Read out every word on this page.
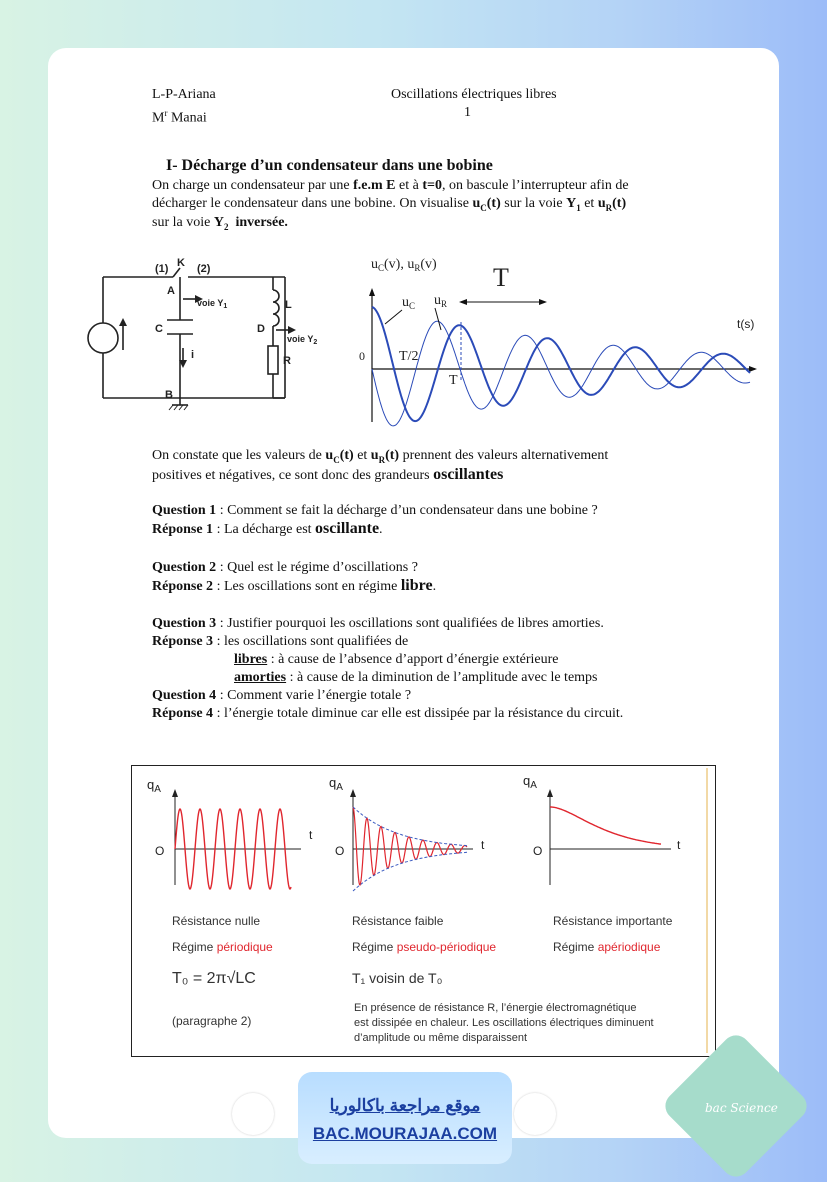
L-P-Ariana
$M^r$ Manai
Oscillations électriques libres
1
I- Décharge d’un condensateur dans une bobine
On charge un condensateur par une f.e.m E et à t=0, on bascule l’interrupteur afin de
décharger le condensateur dans une bobine. On visualise $u_C(t)$ sur la voie $Y_1$ et $u_R(t)$
sur la voie $Y_2$ inversée.
(1) K (2)
A
voie $Y_1$	L
C	D
voie $Y_2$
i	R
B
$u_C(v)$, $u_R(v)$ T
$u_C$ $u_R$
t(s)
0 T/2
T
On constate que les valeurs de $u_C(t)$ et $u_R(t)$ prennent des valeurs alternativement
positives et négatives, ce sont donc des grandeurs oscillantes
Question 1 : Comment se fait la décharge d’un condensateur dans une bobine ?
Réponse 1 : La décharge est oscillante.
Question 2 : Quel est le régime d’oscillations ?
Réponse 2 : Les oscillations sont en régime libre.
Question 3 : Justifier pourquoi les oscillations sont qualifiées de libres amorties.
Réponse 3 : les oscillations sont qualifiées de
libres : à cause de l’absence d’apport d’énergie extérieure
amorties : à cause de la diminution de l’amplitude avec le temps
Question 4 : Comment varie l’énergie totale ?
Réponse 4 : l’énergie totale diminue car elle est dissipée par la résistance du circuit.
$q_A$	$q_A$	$q_A$
O	O	O
t
t	t
Résistance nulle
Régime périodique
T₀ = 2π√LC
(paragraphe 2)
Résistance faible
Régime pseudo-périodique
T₁ voisin de T₀
En présence de résistance R, l’énergie électromagnétique
est dissipée en chaleur. Les oscillations électriques diminuent
d’amplitude ou même disparaissent
Résistance importante
Régime apériodique
موقع مراجعة باكالوريا
BAC.MOURAJAA.COM
bac Science
